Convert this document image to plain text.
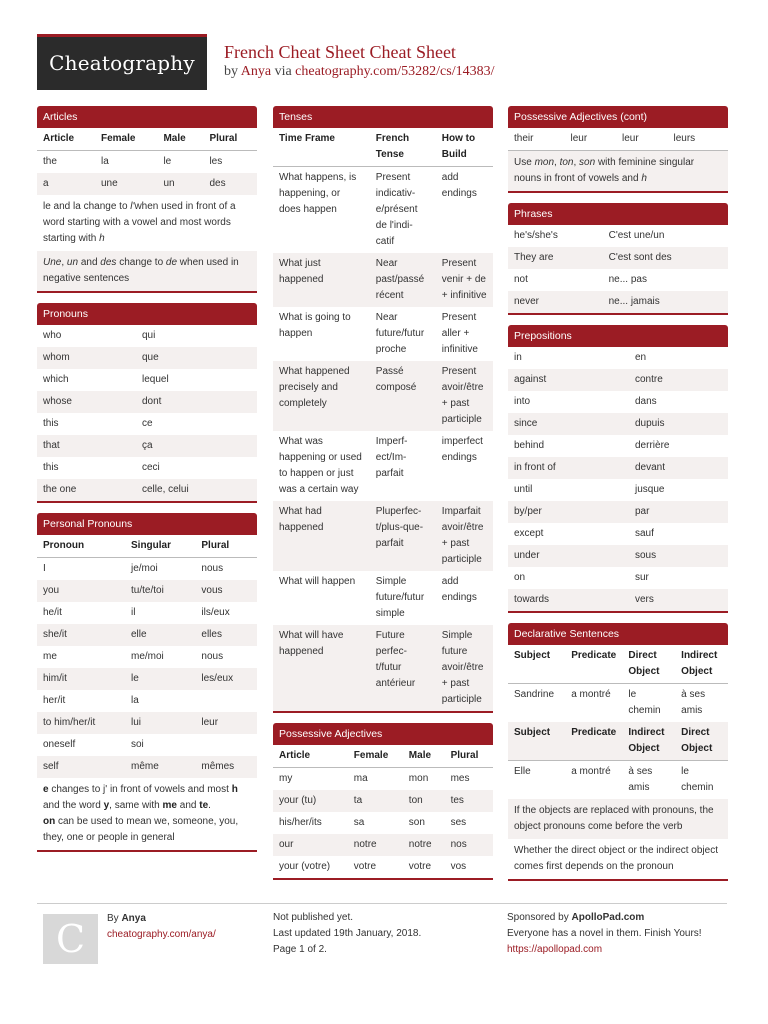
Cheatography	French Cheat Sheet Cheat Sheet
by Anya via cheatography.com/53282/cs/14383/
Articles
Article	Female	Male	Plural
the	la	le	les
a	une	un	des
le and la change to l'when used in front of a word starting with a vowel and most words starting with h
Une, un and des change to de when used in negative sentences
Pronouns
who	qui
whom	que
which	lequel
whose	dont
this	ce
that	ça
this	ceci
the one	celle, celui
Personal Pronouns
Pronoun	Singular	Plural
I	je/moi	nous
you	tu/te/toi	vous
he/it	il	ils/eux
she/it	elle	elles
me	me/moi	nous
him/it	le	les/eux
her/it	la	
to him/her/it	lui	leur
oneself	soi	
self	même	mêmes
e changes to j' in front of vowels and most h and the word y, same with me and te.
on can be used to mean we, someone, you, they, one or people in general
Tenses
Time Frame	French Tense	How to Build
What happens, is happening, or does happen	Present indicativ-e/présent de l'indi-catif	add endings
What just happened	Near past/passé récent	Present venir + de + infinitive
What is going to happen	Near future/futur proche	Present aller + infinitive
What happened precisely and completely	Passé composé	Present avoir/être + past participle
What was happening or used to happen or just was a certain way	Imperf-ect/Im-parfait	imperfect endings
What had happened	Pluperfec-t/plus-que-parfait	Imparfait avoir/être + past participle
What will happen	Simple future/futur simple	add endings
What will have happened	Future perfec-t/futur antérieur	Simple future avoir/être + past participle
Possessive Adjectives
Article	Female	Male	Plural
my	ma	mon	mes
your (tu)	ta	ton	tes
his/her/its	sa	son	ses
our	notre	notre	nos
your (votre)	votre	votre	vos
Possessive Adjectives (cont)
their	leur	leur	leurs
Use mon, ton, son with feminine singular nouns in front of vowels and h
Phrases
he's/she's	C'est une/un
They are	C'est sont des
not	ne... pas
never	ne... jamais
Prepositions
in	en
against	contre
into	dans
since	dupuis
behind	derrière
in front of	devant
until	jusque
by/per	par
except	sauf
under	sous
on	sur
towards	vers
Declarative Sentences
Subject	Predicate	Direct Object	Indirect Object
Sandrine	a montré	le chemin	à ses amis
Subject	Predicate	Indirect Object	Direct Object
Elle	a montré	à ses amis	le chemin
If the objects are replaced with pronouns, the object pronouns come before the verb
Whether the direct object or the indirect object comes first depends on the pronoun
C	By Anya
cheatography.com/anya/
Not published yet.
Last updated 19th January, 2018.
Page 1 of 2.
Sponsored by ApolloPad.com
Everyone has a novel in them. Finish Yours!
https://apollopad.com
